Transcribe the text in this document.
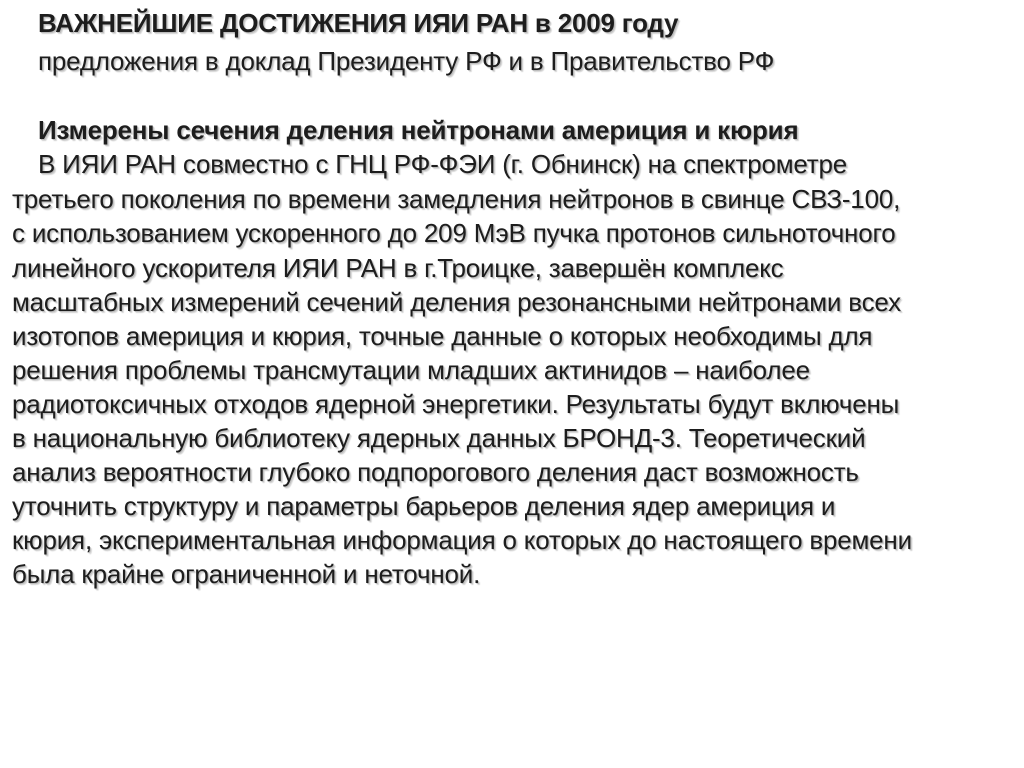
ВАЖНЕЙШИЕ ДОСТИЖЕНИЯ ИЯИ РАН в 2009 году
предложения в доклад Президенту РФ и в Правительство РФ
Измерены сечения деления нейтронами америция и кюрия
В ИЯИ РАН совместно с ГНЦ РФ-ФЭИ (г. Обнинск) на спектрометре
третьего поколения по времени замедления нейтронов в свинце СВЗ-100,
с использованием ускоренного до 209 МэВ пучка протонов сильноточного
линейного ускорителя ИЯИ РАН в г.Троицке, завершён комплекс
масштабных измерений сечений деления резонансными нейтронами всех
изотопов америция и кюрия, точные данные о которых необходимы для
решения проблемы трансмутации младших актинидов – наиболее
радиотоксичных отходов ядерной энергетики. Результаты будут включены
в национальную библиотеку ядерных данных БРОНД-3. Теоретический
анализ вероятности глубоко подпорогового деления даст возможность
уточнить структуру и параметры барьеров деления ядер америция и
кюрия, экспериментальная информация о которых до настоящего времени
была крайне ограниченной и неточной.
